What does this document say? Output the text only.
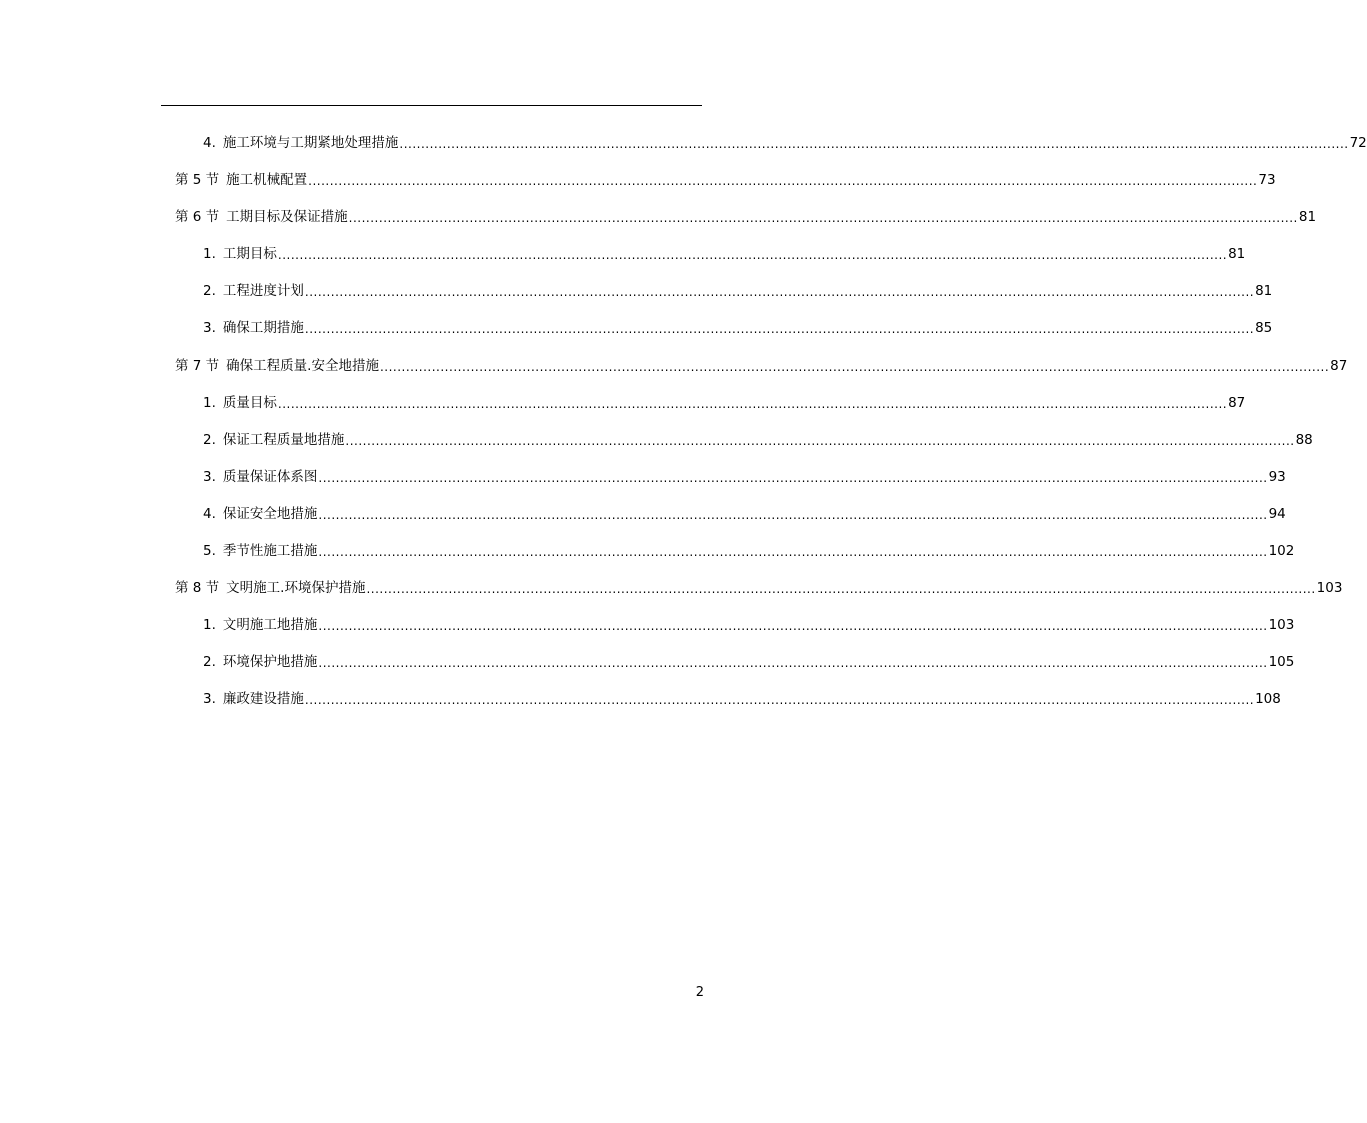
4. 施工环境与工期紧地处理措施 ............................................................................................................................................................................................................................ 72
第 5 节 施工机械配置 ............................................................................................................................................................................................................................ 73
第 6 节 工期目标及保证措施 ............................................................................................................................................................................................................................ 81
1. 工期目标 ............................................................................................................................................................................................................................ 81
2. 工程进度计划 ............................................................................................................................................................................................................................ 81
3. 确保工期措施 ............................................................................................................................................................................................................................ 85
第 7 节 确保工程质量.安全地措施 ............................................................................................................................................................................................................................ 87
1. 质量目标 ............................................................................................................................................................................................................................ 87
2. 保证工程质量地措施 ............................................................................................................................................................................................................................ 88
3. 质量保证体系图 ............................................................................................................................................................................................................................ 93
4. 保证安全地措施 ............................................................................................................................................................................................................................ 94
5. 季节性施工措施 ............................................................................................................................................................................................................................ 102
第 8 节 文明施工.环境保护措施 ............................................................................................................................................................................................................................ 103
1. 文明施工地措施 ............................................................................................................................................................................................................................ 103
2. 环境保护地措施 ............................................................................................................................................................................................................................ 105
3. 廉政建设措施 ............................................................................................................................................................................................................................ 108
2
